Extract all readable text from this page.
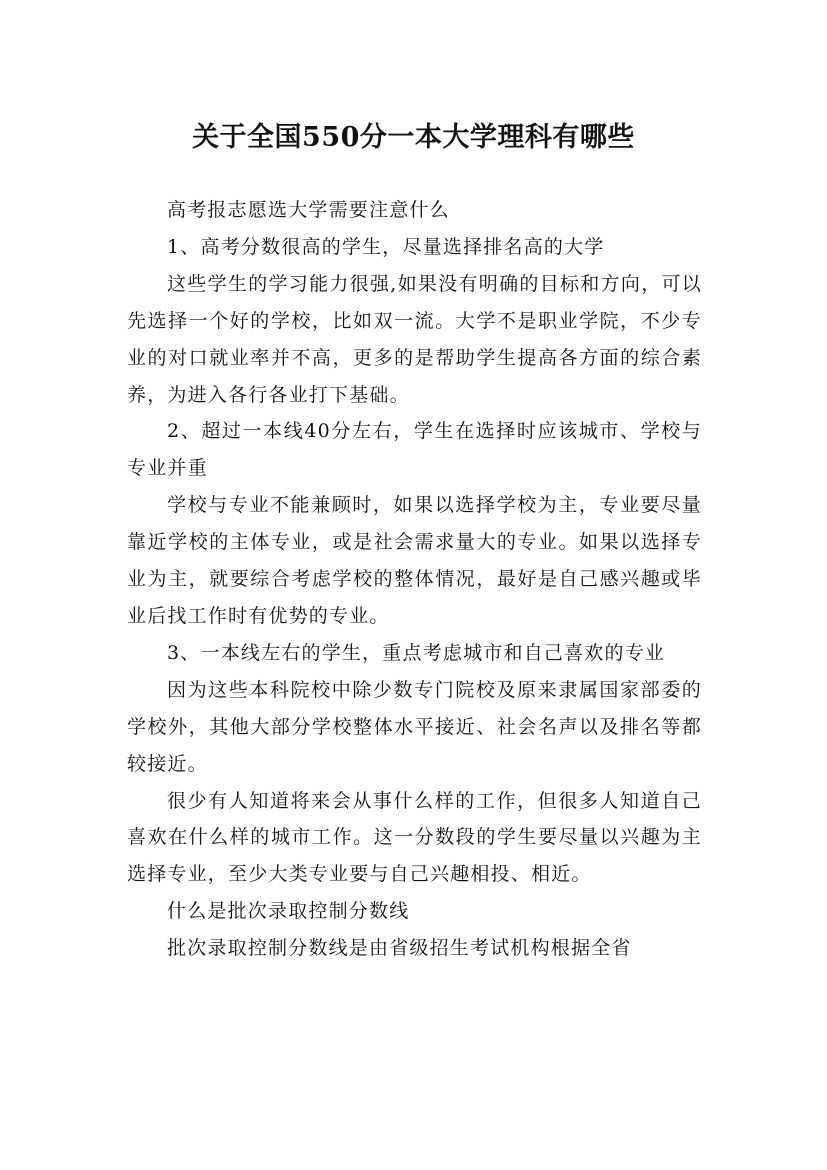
关于全国550分一本大学理科有哪些

高考报志愿选大学需要注意什么

1、高考分数很高的学生，尽量选择排名高的大学

这些学生的学习能力很强,如果没有明确的目标和方向，可以先选择一个好的学校，比如双一流。大学不是职业学院，不少专业的对口就业率并不高，更多的是帮助学生提高各方面的综合素养，为进入各行各业打下基础。

2、超过一本线40分左右，学生在选择时应该城市、学校与专业并重

学校与专业不能兼顾时，如果以选择学校为主，专业要尽量靠近学校的主体专业，或是社会需求量大的专业。如果以选择专业为主，就要综合考虑学校的整体情况，最好是自己感兴趣或毕业后找工作时有优势的专业。

3、一本线左右的学生，重点考虑城市和自己喜欢的专业

因为这些本科院校中除少数专门院校及原来隶属国家部委的学校外，其他大部分学校整体水平接近、社会名声以及排名等都较接近。

很少有人知道将来会从事什么样的工作，但很多人知道自己喜欢在什么样的城市工作。这一分数段的学生要尽量以兴趣为主选择专业，至少大类专业要与自己兴趣相投、相近。

什么是批次录取控制分数线

批次录取控制分数线是由省级招生考试机构根据全省
